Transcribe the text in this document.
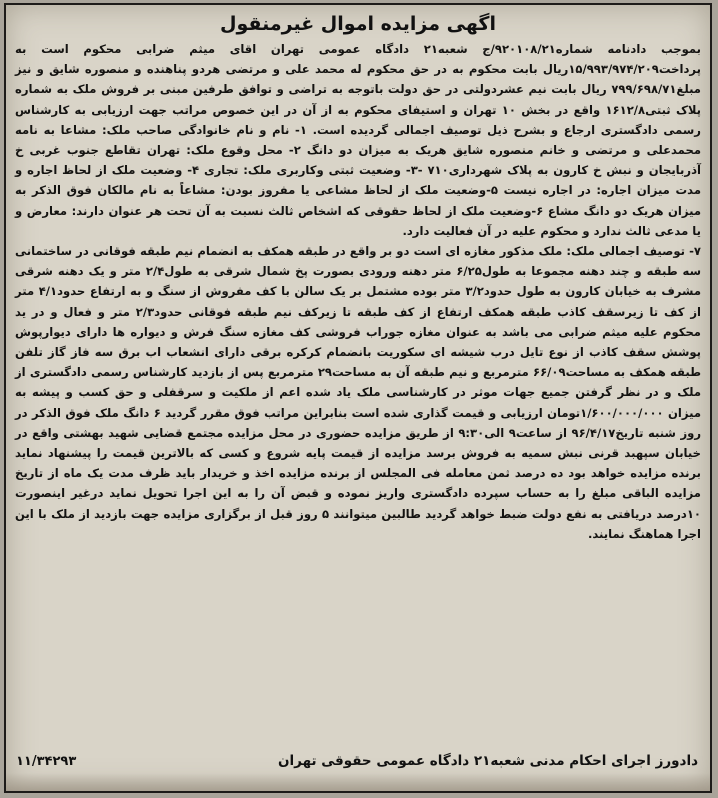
اگهی مزایده اموال غیرمنقول

بموجب دادنامه شماره۹۲۰۱۰۸/۲۱/ج شعبه۲۱ دادگاه عمومی تهران اقای میثم ضرابی محکوم است به پرداخت۱۵/۹۹۳/۹۷۴/۲۰۹ریال بابت محکوم به در حق محکوم له محمد علی و مرتضی هردو پناهنده و منصوره شایق و نیز مبلغ۷۹۹/۶۹۸/۷۱ ریال بابت نیم عشردولتی در حق دولت باتوجه به تراضی و توافق طرفین مبنی بر فروش ملک به شماره پلاک ثبتی۱۶۱۲/۸ واقع در بخش ۱۰ تهران و استیفای محکوم به از آن در این خصوص مراتب جهت ارزیابی به کارشناس رسمی دادگستری ارجاع و بشرح ذیل توصیف اجمالی گردیده است. ۱- نام و نام خانوادگی صاحب ملک: مشاعا به نامه محمدعلی و مرتضی و خانم منصوره شایق هریک به میزان دو دانگ ۲- محل وقوع ملک: تهران تقاطع جنوب غربی خ آذربایجان و نبش خ کارون به پلاک شهرداری۷۱۰ -۳- وضعیت ثبتی وکاربری ملک: تجاری ۴- وضعیت ملک از لحاظ اجاره و مدت میزان اجاره: در اجاره نیست ۵-وضعیت ملک از لحاظ مشاعی یا مفروز بودن: مشاعاً به نام مالکان فوق الذکر به میزان هریک دو دانگ مشاع ۶-وضعیت ملک از لحاظ حقوقی که اشخاص ثالث نسبت به آن تحت هر عنوان دارند: معارض و یا مدعی ثالث ندارد و محکوم علیه در آن فعالیت دارد.

۷- توصیف اجمالی ملک: ملک مذکور مغازه ای است دو بر واقع در طبقه همکف به انضمام نیم طبقه فوقانی در ساختمانی سه طبقه و چند دهنه مجموعا به طول۶/۲۵ متر دهنه ورودی بصورت پخ شمال شرقی به طول۲/۴ متر و یک دهنه شرقی مشرف به خیابان کارون به طول حدود۳/۲ متر بوده مشتمل بر یک سالن با کف مفروش از سنگ و به ارتفاع حدود۴/۱ متر از کف تا زیرسقف کاذب طبقه همکف ارتفاع از کف طبقه تا زیرکف نیم طبقه فوقانی حدود۲/۳ متر و فعال و در ید محکوم علیه میثم ضرابی می باشد به عنوان مغازه جوراب فروشی کف مغازه سنگ فرش و دیواره ها دارای دیوارپوش پوشش سقف کاذب از نوع تایل درب شیشه ای سکوریت بانضمام کرکره برقی دارای انشعاب اب برق سه فاز گاز تلفن طبقه همکف به مساحت۶۶/۰۹ مترمربع و نیم طبقه آن به مساحت۲۹ مترمربع پس از بازدید کارشناس رسمی دادگستری از ملک و در نظر گرفتن جمیع جهات موثر در کارشناسی ملک یاد شده اعم از ملکیت و سرقفلی و حق کسب و پیشه به میزان ۱/۶۰۰/۰۰۰/۰۰۰تومان ارزیابی و قیمت گذاری شده است بنابراین مراتب فوق مقرر گردید ۶ دانگ ملک فوق الذکر در روز شنبه تاریخ۹۶/۴/۱۷ از ساعت۹ الی۹:۳۰ از طریق مزایده حضوری در محل مزایده مجتمع قضایی شهید بهشتی واقع در خیابان سپهبد قرنی نبش سمیه به فروش برسد مزایده از قیمت پایه شروع و کسی که بالاترین قیمت را پیشنهاد نماید برنده مزایده خواهد بود ده درصد ثمن معامله فی المجلس از برنده مزایده اخذ و خریدار باید ظرف مدت یک ماه از تاریخ مزایده الباقی مبلغ را به حساب سپرده دادگستری واریز نموده و قبض آن را به این اجرا تحویل نماید درغیر اینصورت ۱۰درصد دریافتی به نفع دولت ضبط خواهد گردید طالبین میتوانند ۵ روز قبل از برگزاری مزایده جهت بازدید از ملک با این اجرا هماهنگ نمایند.

دادورز اجرای احکام مدنی شعبه۲۱ دادگاه عمومی حقوقی تهران
۱۱/۳۴۲۹۳
